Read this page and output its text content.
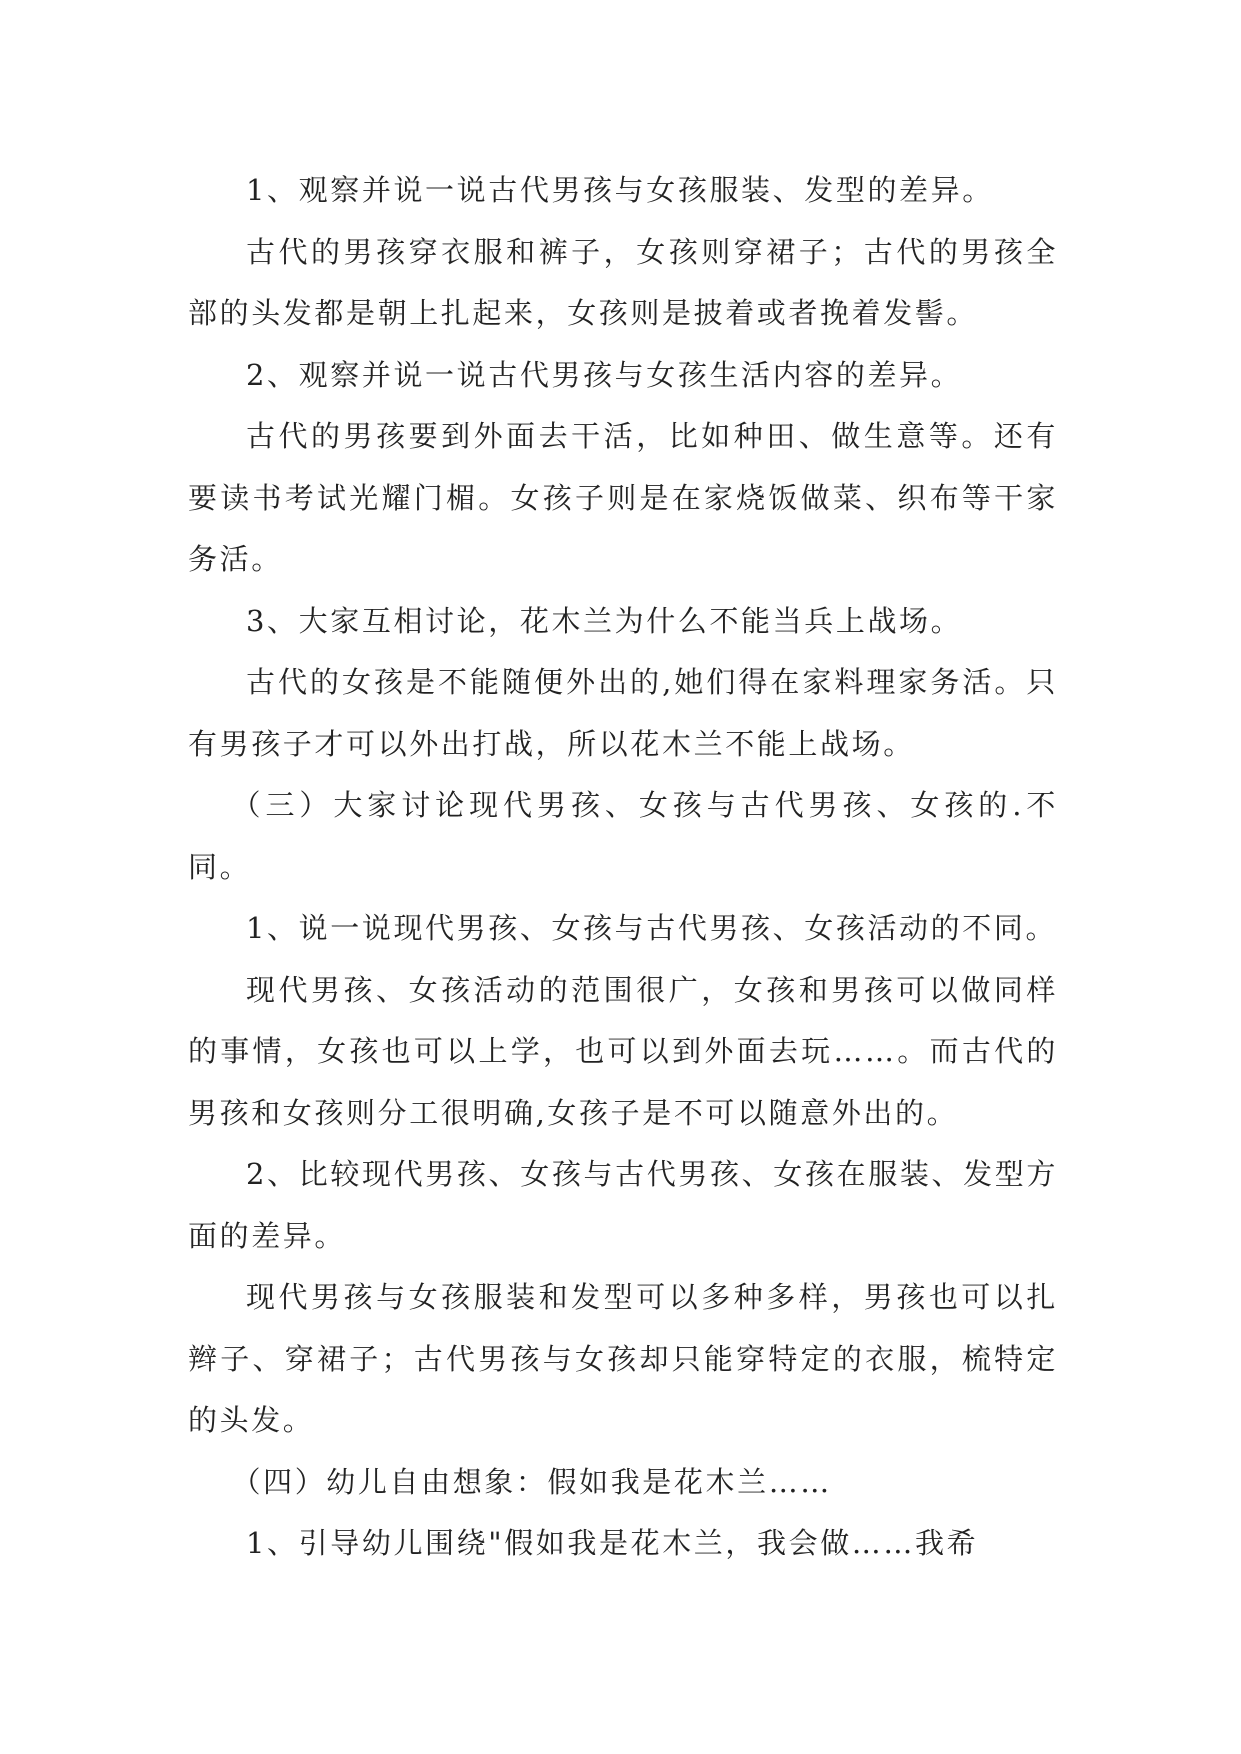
1、观察并说一说古代男孩与女孩服装、发型的差异。

古代的男孩穿衣服和裤子，女孩则穿裙子；古代的男孩全部的头发都是朝上扎起来，女孩则是披着或者挽着发髻。

2、观察并说一说古代男孩与女孩生活内容的差异。

古代的男孩要到外面去干活，比如种田、做生意等。还有要读书考试光耀门楣。女孩子则是在家烧饭做菜、织布等干家务活。

3、大家互相讨论，花木兰为什么不能当兵上战场。

古代的女孩是不能随便外出的,她们得在家料理家务活。只有男孩子才可以外出打战，所以花木兰不能上战场。

（三）大家讨论现代男孩、女孩与古代男孩、女孩的.不同。

1、说一说现代男孩、女孩与古代男孩、女孩活动的不同。

现代男孩、女孩活动的范围很广，女孩和男孩可以做同样的事情，女孩也可以上学，也可以到外面去玩……。而古代的男孩和女孩则分工很明确,女孩子是不可以随意外出的。

2、比较现代男孩、女孩与古代男孩、女孩在服装、发型方面的差异。

现代男孩与女孩服装和发型可以多种多样，男孩也可以扎辫子、穿裙子；古代男孩与女孩却只能穿特定的衣服，梳特定的头发。

（四）幼儿自由想象：假如我是花木兰……

1、引导幼儿围绕"假如我是花木兰，我会做……我希
